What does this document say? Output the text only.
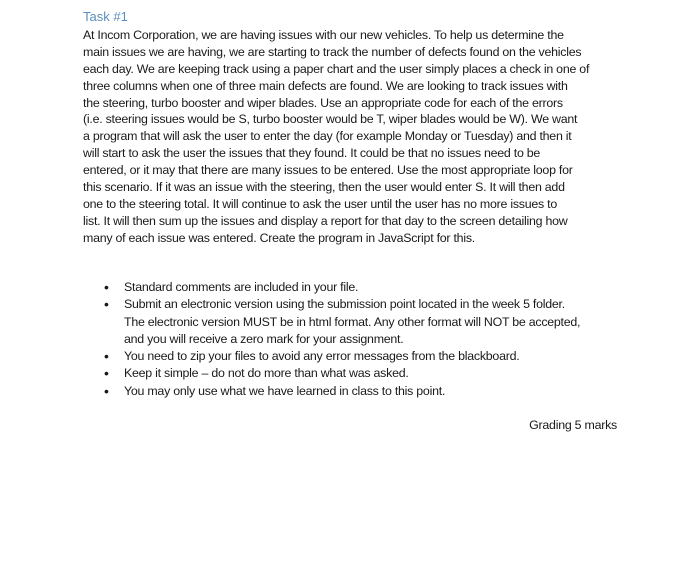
Task #1
At Incom Corporation, we are having issues with our new vehicles. To help us determine the
main issues we are having, we are starting to track the number of defects found on the vehicles
each day. We are keeping track using a paper chart and the user simply places a check in one of
three columns when one of three main defects are found. We are looking to track issues with
the steering, turbo booster and wiper blades. Use an appropriate code for each of the errors
(i.e. steering issues would be S, turbo booster would be T, wiper blades would be W). We want
a program that will ask the user to enter the day (for example Monday or Tuesday) and then it
will start to ask the user the issues that they found. It could be that no issues need to be
entered, or it may that there are many issues to be entered. Use the most appropriate loop for
this scenario. If it was an issue with the steering, then the user would enter S. It will then add
one to the steering total. It will continue to ask the user until the user has no more issues to
list. It will then sum up the issues and display a report for that day to the screen detailing how
many of each issue was entered. Create the program in JavaScript for this.
• Standard comments are included in your file.
• Submit an electronic version using the submission point located in the week 5 folder.
The electronic version MUST be in html format. Any other format will NOT be accepted,
and you will receive a zero mark for your assignment.
• You need to zip your files to avoid any error messages from the blackboard.
• Keep it simple – do not do more than what was asked.
• You may only use what we have learned in class to this point.
Grading 5 marks
